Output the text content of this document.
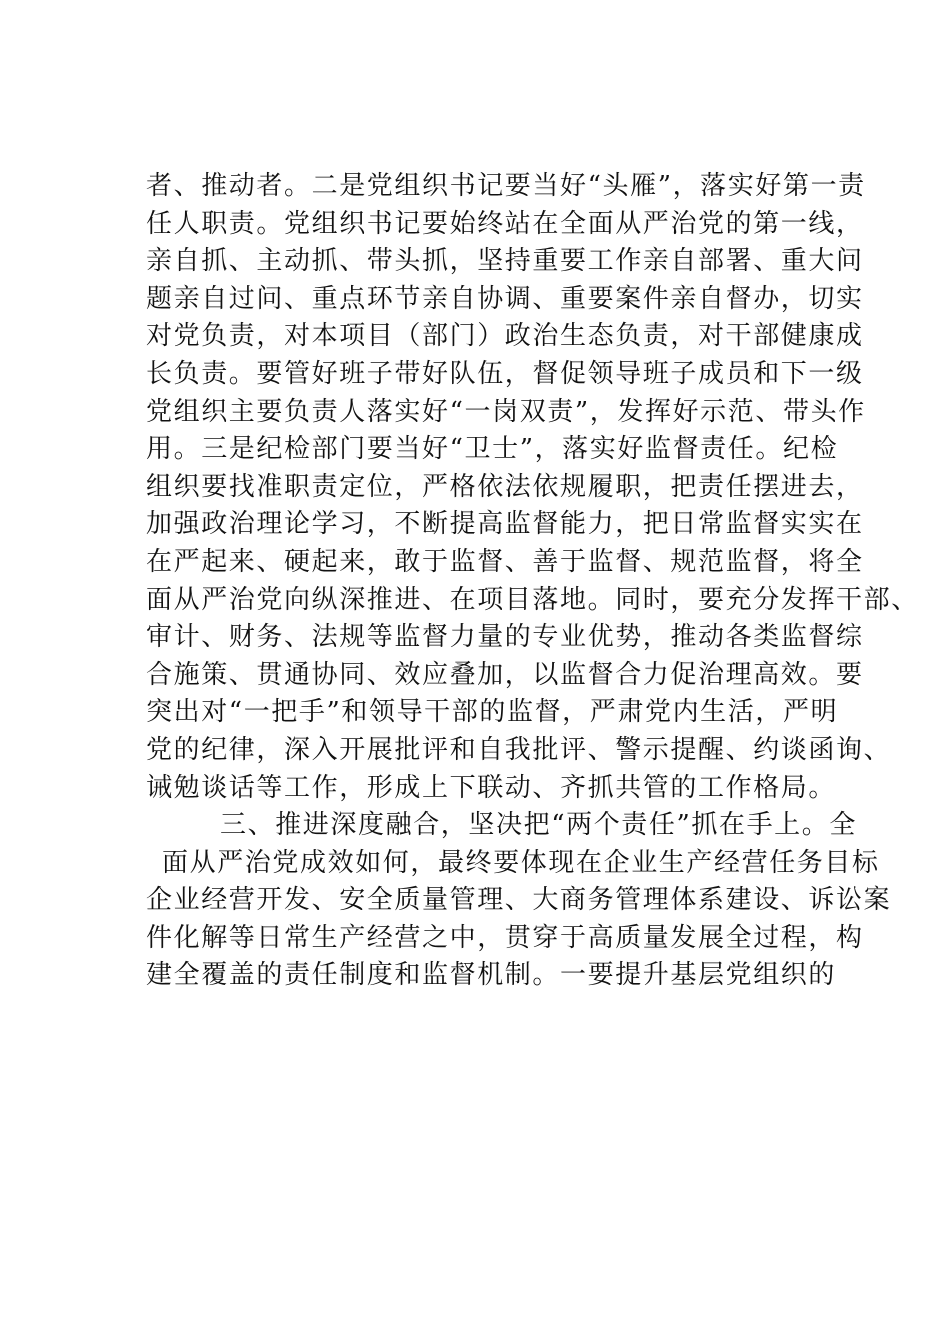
者、推动者。二是党组织书记要当好“头雁”，落实好第一责
任人职责。党组织书记要始终站在全面从严治党的第一线，
亲自抓、主动抓、带头抓，坚持重要工作亲自部署、重大问
题亲自过问、重点环节亲自协调、重要案件亲自督办，切实
对党负责，对本项目（部门）政治生态负责，对干部健康成
长负责。要管好班子带好队伍，督促领导班子成员和下一级
党组织主要负责人落实好“一岗双责”，发挥好示范、带头作
用。三是纪检部门要当好“卫士”，落实好监督责任。纪检
组织要找准职责定位，严格依法依规履职，把责任摆进去，
加强政治理论学习，不断提高监督能力，把日常监督实实在
在严起来、硬起来，敢于监督、善于监督、规范监督，将全
面从严治党向纵深推进、在项目落地。同时，要充分发挥干部、
审计、财务、法规等监督力量的专业优势，推动各类监督综
合施策、贯通协同、效应叠加，以监督合力促治理高效。要
突出对“一把手”和领导干部的监督，严肃党内生活，严明
党的纪律，深入开展批评和自我批评、警示提醒、约谈函询、
诫勉谈话等工作，形成上下联动、齐抓共管的工作格局。
三、推进深度融合，坚决把“两个责任”抓在手上。全
面从严治党成效如何，最终要体现在企业生产经营任务目标
企业经营开发、安全质量管理、大商务管理体系建设、诉讼案
件化解等日常生产经营之中，贯穿于高质量发展全过程，构
建全覆盖的责任制度和监督机制。一要提升基层党组织的
